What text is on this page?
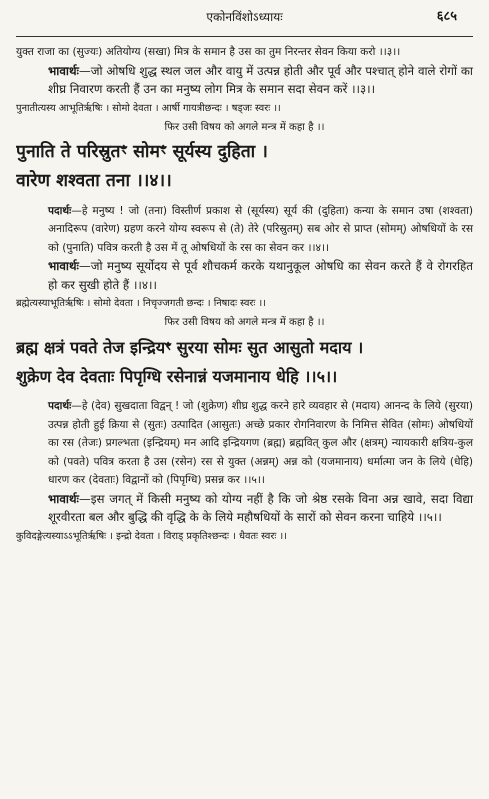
एकोनविंशोऽध्यायः	६८५

युक्त राजा का (सुज्यः) अतियोग्य (सखा) मित्र के समान है उस का तुम निरन्तर सेवन किया करो ।।३।।

भावार्थः—जो ओषधि शुद्ध स्थल जल और वायु में उत्पन्न होती और पूर्व और पश्चात् होने वाले रोगों का शीघ्र निवारण करती हैं उन का मनुष्य लोग मित्र के समान सदा सेवन करें ।।३।।

पुनातीत्यस्य आभूतिर्ऋषिः । सोमो देवता । आर्षी गायत्रीछन्दः । षड्जः स्वरः ।।

फिर उसी विषय को अगले मन्त्र में कहा है ।।

पुनाति ते परिस्रुतꣳ सोमꣳ सूर्यस्य दुहिता ।

वारेण शश्वता तना ।।४।।

पदार्थः—हे मनुष्य ! जो (तना) विस्तीर्ण प्रकाश से (सूर्यस्य) सूर्य की (दुहिता) कन्या के समान उषा (शश्वता) अनादिरूप (वारेण) ग्रहण करने योग्य स्वरूप से (ते) तेरे (परिस्रुतम्) सब ओर से प्राप्त (सोमम्) ओषधियों के रस को (पुनाति) पवित्र करती है उस में तू ओषधियों के रस का सेवन कर ।।४।।

भावार्थः—जो मनुष्य सूर्योदय से पूर्व शौचकर्म करके यथानुकूल ओषधि का सेवन करते हैं वे रोगरहित हो कर सुखी होते हैं ।।४।।

ब्रह्मेत्यस्याभूतिर्ऋषिः । सोमो देवता । निचृज्जगती छन्दः । निषादः स्वरः ।।

फिर उसी विषय को अगले मन्त्र में कहा है ।।

ब्रह्म क्षत्रं पवते तेज इन्द्रियꣳ सुरया सोमः सुत आसुतो मदाय ।

शुक्रेण देव देवताः पिपृग्धि रसेनान्नं यजमानाय धेहि ।।५।।

पदार्थः—हे (देव) सुखदाता विद्वन् ! जो (शुक्रेण) शीघ्र शुद्ध करने हारे व्यवहार से (मदाय) आनन्द के लिये (सुरया) उत्पन्न होती हुई क्रिया से (सुतः) उत्पादित (आसुतः) अच्छे प्रकार रोगनिवारण के निमित्त सेवित (सोमः) ओषधियों का रस (तेजः) प्रगल्भता (इन्द्रियम्) मन आदि इन्द्रियगण (ब्रह्म) ब्रह्मवित् कुल और (क्षत्रम्) न्यायकारी क्षत्रिय-कुल को (पवते) पवित्र करता है उस (रसेन) रस से युक्त (अन्नम्) अन्न को (यजमानाय) धर्मात्मा जन के लिये (धेहि) धारण कर (देवताः) विद्वानों को (पिपृग्धि) प्रसन्न कर ।।५।।

भावार्थः—इस जगत् में किसी मनुष्य को योग्य नहीं है कि जो श्रेष्ठ रसके विना अन्न खावे, सदा विद्या शूरवीरता बल और बुद्धि की वृद्धि के के लिये महौषधियों के सारों को सेवन करना चाहिये ।।५।।

कुविदङ्गेत्यस्याऽऽभूतिर्ऋषिः । इन्द्रो देवता । विराड् प्रकृतिश्छन्दः । धैवतः स्वरः ।।
